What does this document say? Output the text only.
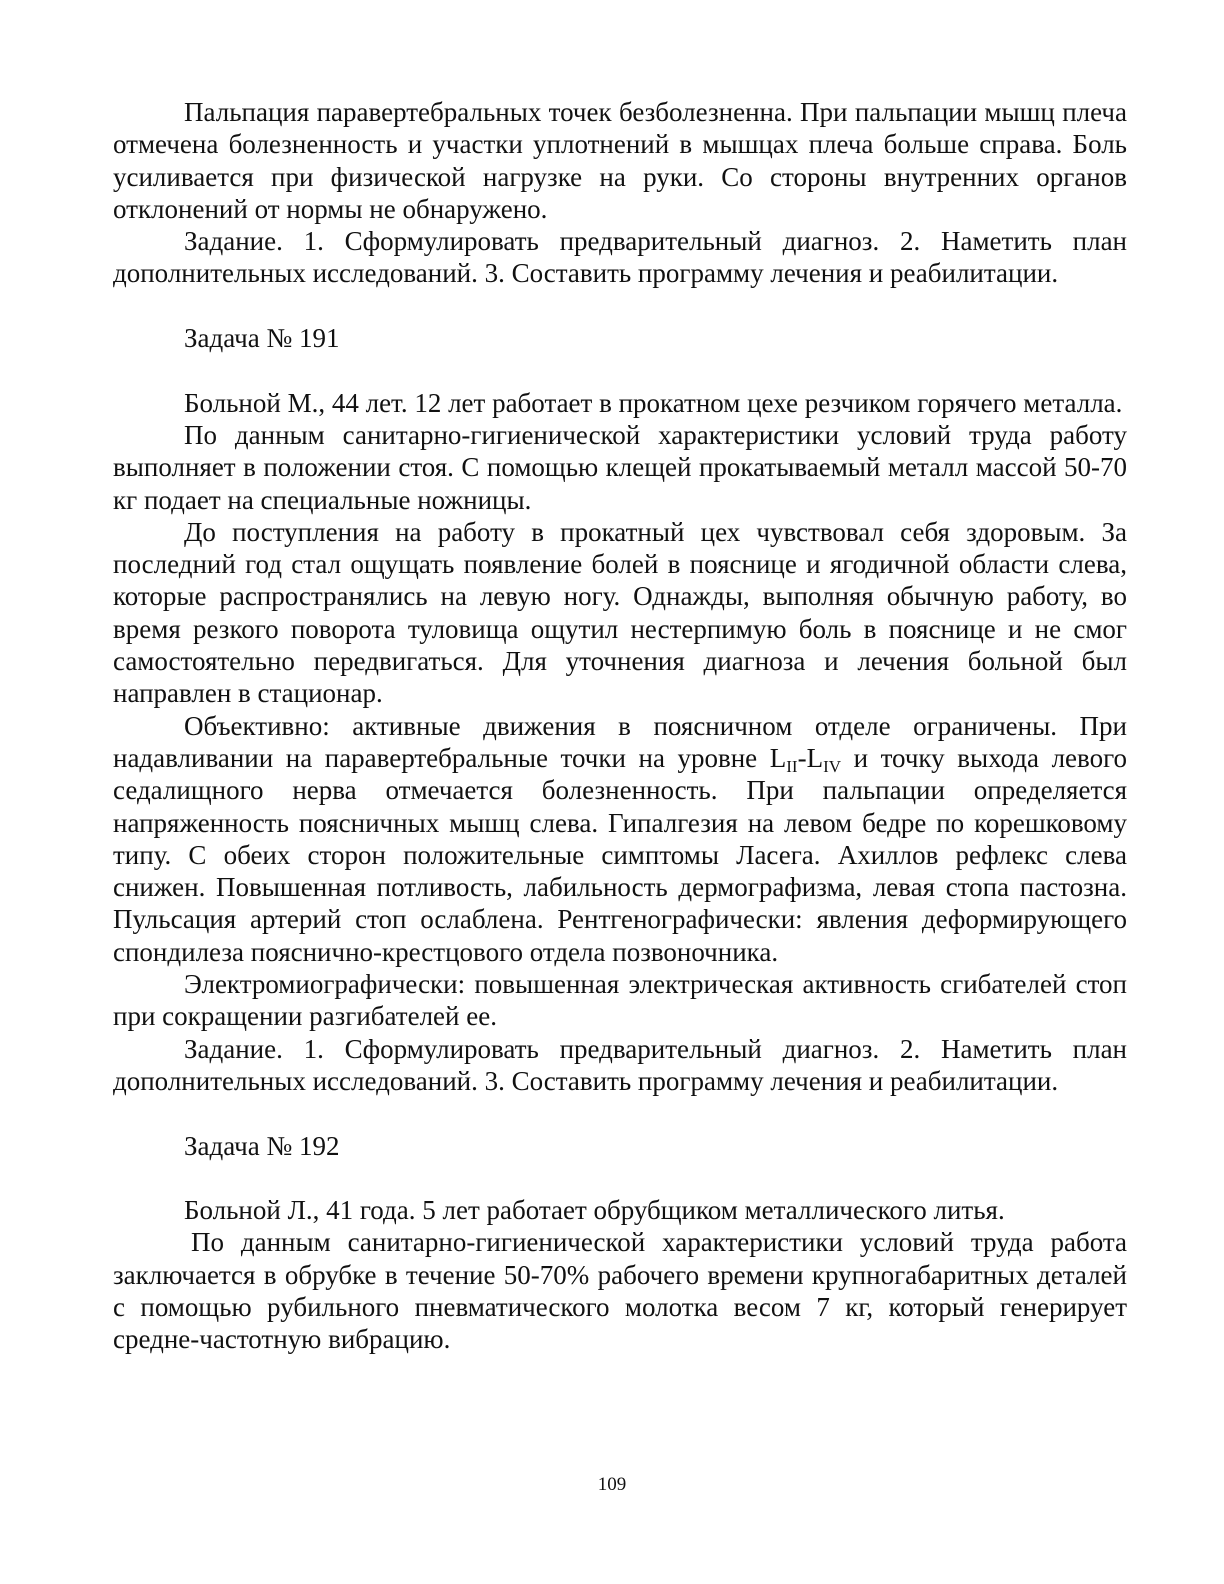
Пальпация паравертебральных точек безболезненна. При пальпации мышц плеча отмечена болезненность и участки уплотнений в мышцах плеча больше справа. Боль усиливается при физической нагрузке на руки. Со стороны внутренних органов отклонений от нормы не обнаружено.

Задание. 1. Сформулировать предварительный диагноз. 2. Наметить план дополнительных исследований. 3. Составить программу лечения и реабилитации.

Задача № 191

Больной М., 44 лет. 12 лет работает в прокатном цехе резчиком горячего металла.

По данным санитарно-гигиенической характеристики условий труда работу выполняет в положении стоя. С помощью клещей прокатываемый металл массой 50-70 кг подает на специальные ножницы.

До поступления на работу в прокатный цех чувствовал себя здоровым. За последний год стал ощущать появление болей в пояснице и ягодичной области слева, которые распространялись на левую ногу. Однажды, выполняя обычную работу, во время резкого поворота туловища ощутил нестерпимую боль в пояснице и не смог самостоятельно передвигаться. Для уточнения диагноза и лечения больной был направлен в стационар.

Объективно: активные движения в поясничном отделе ограничены. При надавливании на паравертебральные точки на уровне $L_{II}-L_{IV}$ и точку выхода левого седалищного нерва отмечается болезненность. При пальпации определяется напряженность поясничных мышц слева. Гипалгезия на левом бедре по корешковому типу. С обеих сторон положительные симптомы Ласега. Ахиллов рефлекс слева снижен. Повышенная потливость, лабильность дермографизма, левая стопа пастозна. Пульсация артерий стоп ослаблена. Рентгенографически: явления деформирующего спондилеза пояснично-крестцового отдела позвоночника.

Электромиографически: повышенная электрическая активность сгибателей стоп при сокращении разгибателей ее.

Задание. 1. Сформулировать предварительный диагноз. 2. Наметить план дополнительных исследований. 3. Составить программу лечения и реабилитации.

Задача № 192

Больной Л., 41 года. 5 лет работает обрубщиком металлического литья.

По данным санитарно-гигиенической характеристики условий труда работа заключается в обрубке в течение 50-70% рабочего времени крупногабаритных деталей с помощью рубильного пневматического молотка весом 7 кг, который генерирует средне-частотную вибрацию.

109
